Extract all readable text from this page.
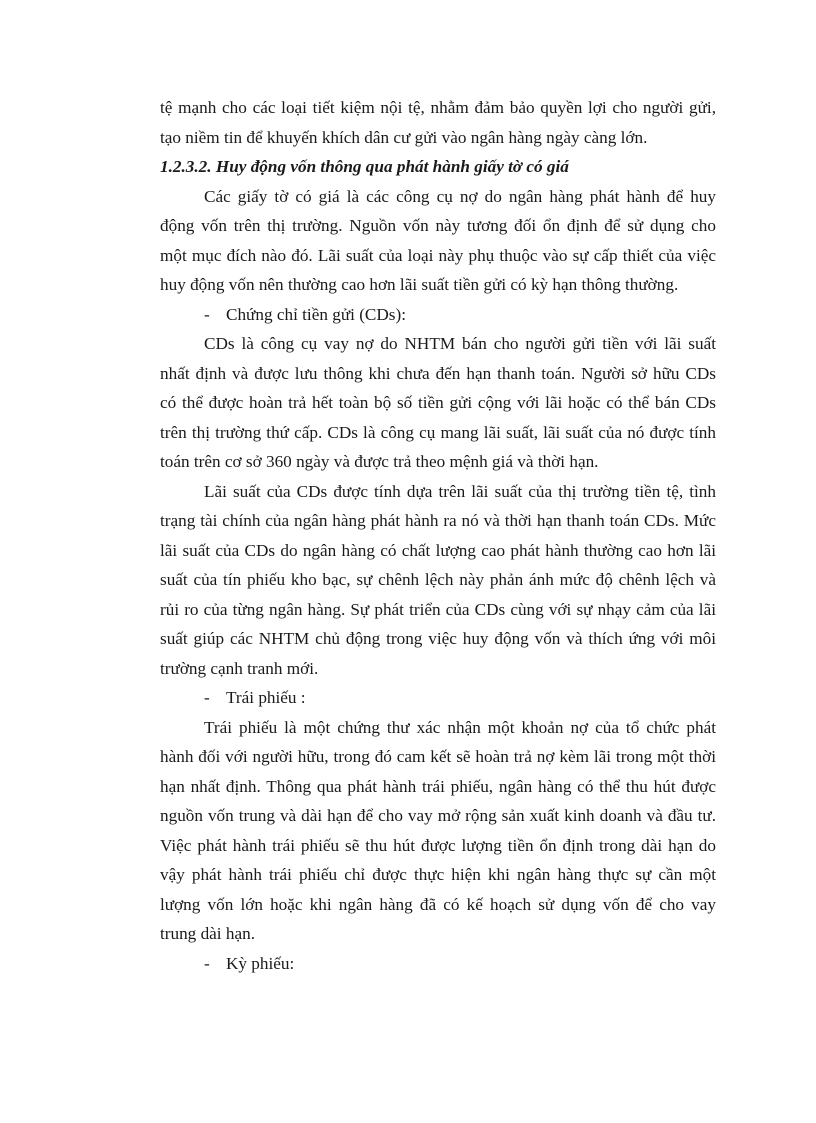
tệ mạnh cho các loại tiết kiệm nội tệ, nhằm đảm bảo quyền lợi cho người gửi,
tạo niềm tin để khuyến khích dân cư gửi vào ngân hàng ngày càng lớn.
1.2.3.2. Huy động vốn thông qua phát hành giấy tờ có giá
Các giấy tờ có giá là các công cụ nợ do ngân hàng phát hành để huy
động vốn trên thị trường. Nguồn vốn này tương đối ổn định để sử dụng cho
một mục đích nào đó. Lãi suất của loại này phụ thuộc vào sự cấp thiết của việc
huy động vốn nên thường cao hơn lãi suất tiền gửi có kỳ hạn thông thường.
- Chứng chỉ tiền gửi (CDs):
CDs là công cụ vay nợ do NHTM bán cho người gửi tiền với lãi suất
nhất định và được lưu thông khi chưa đến hạn thanh toán. Người sở hữu CDs
có thể được hoàn trả hết toàn bộ số tiền gửi cộng với lãi hoặc có thể bán CDs
trên thị trường thứ cấp. CDs là công cụ mang lãi suất, lãi suất của nó được tính
toán trên cơ sở 360 ngày và được trả theo mệnh giá và thời hạn.
Lãi suất của CDs được tính dựa trên lãi suất của thị trường tiền tệ, tình
trạng tài chính của ngân hàng phát hành ra nó và thời hạn thanh toán CDs. Mức
lãi suất của CDs do ngân hàng có chất lượng cao phát hành thường cao hơn lãi
suất của tín phiếu kho bạc, sự chênh lệch này phản ánh mức độ chênh lệch và
rủi ro của từng ngân hàng. Sự phát triển của CDs cùng với sự nhạy cảm của lãi
suất giúp các NHTM chủ động trong việc huy động vốn và thích ứng với môi
trường cạnh tranh mới.
- Trái phiếu :
Trái phiếu là một chứng thư xác nhận một khoản nợ của tổ chức phát
hành đối với người hữu, trong đó cam kết sẽ hoàn trả nợ kèm lãi trong một thời
hạn nhất định. Thông qua phát hành trái phiếu, ngân hàng có thể thu hút được
nguồn vốn trung và dài hạn để cho vay mở rộng sản xuất kinh doanh và đầu tư.
Việc phát hành trái phiếu sẽ thu hút được lượng tiền ổn định trong dài hạn do
vậy phát hành trái phiếu chỉ được thực hiện khi ngân hàng thực sự cần một
lượng vốn lớn hoặc khi ngân hàng đã có kế hoạch sử dụng vốn để cho vay
trung dài hạn.
- Kỳ phiếu:
